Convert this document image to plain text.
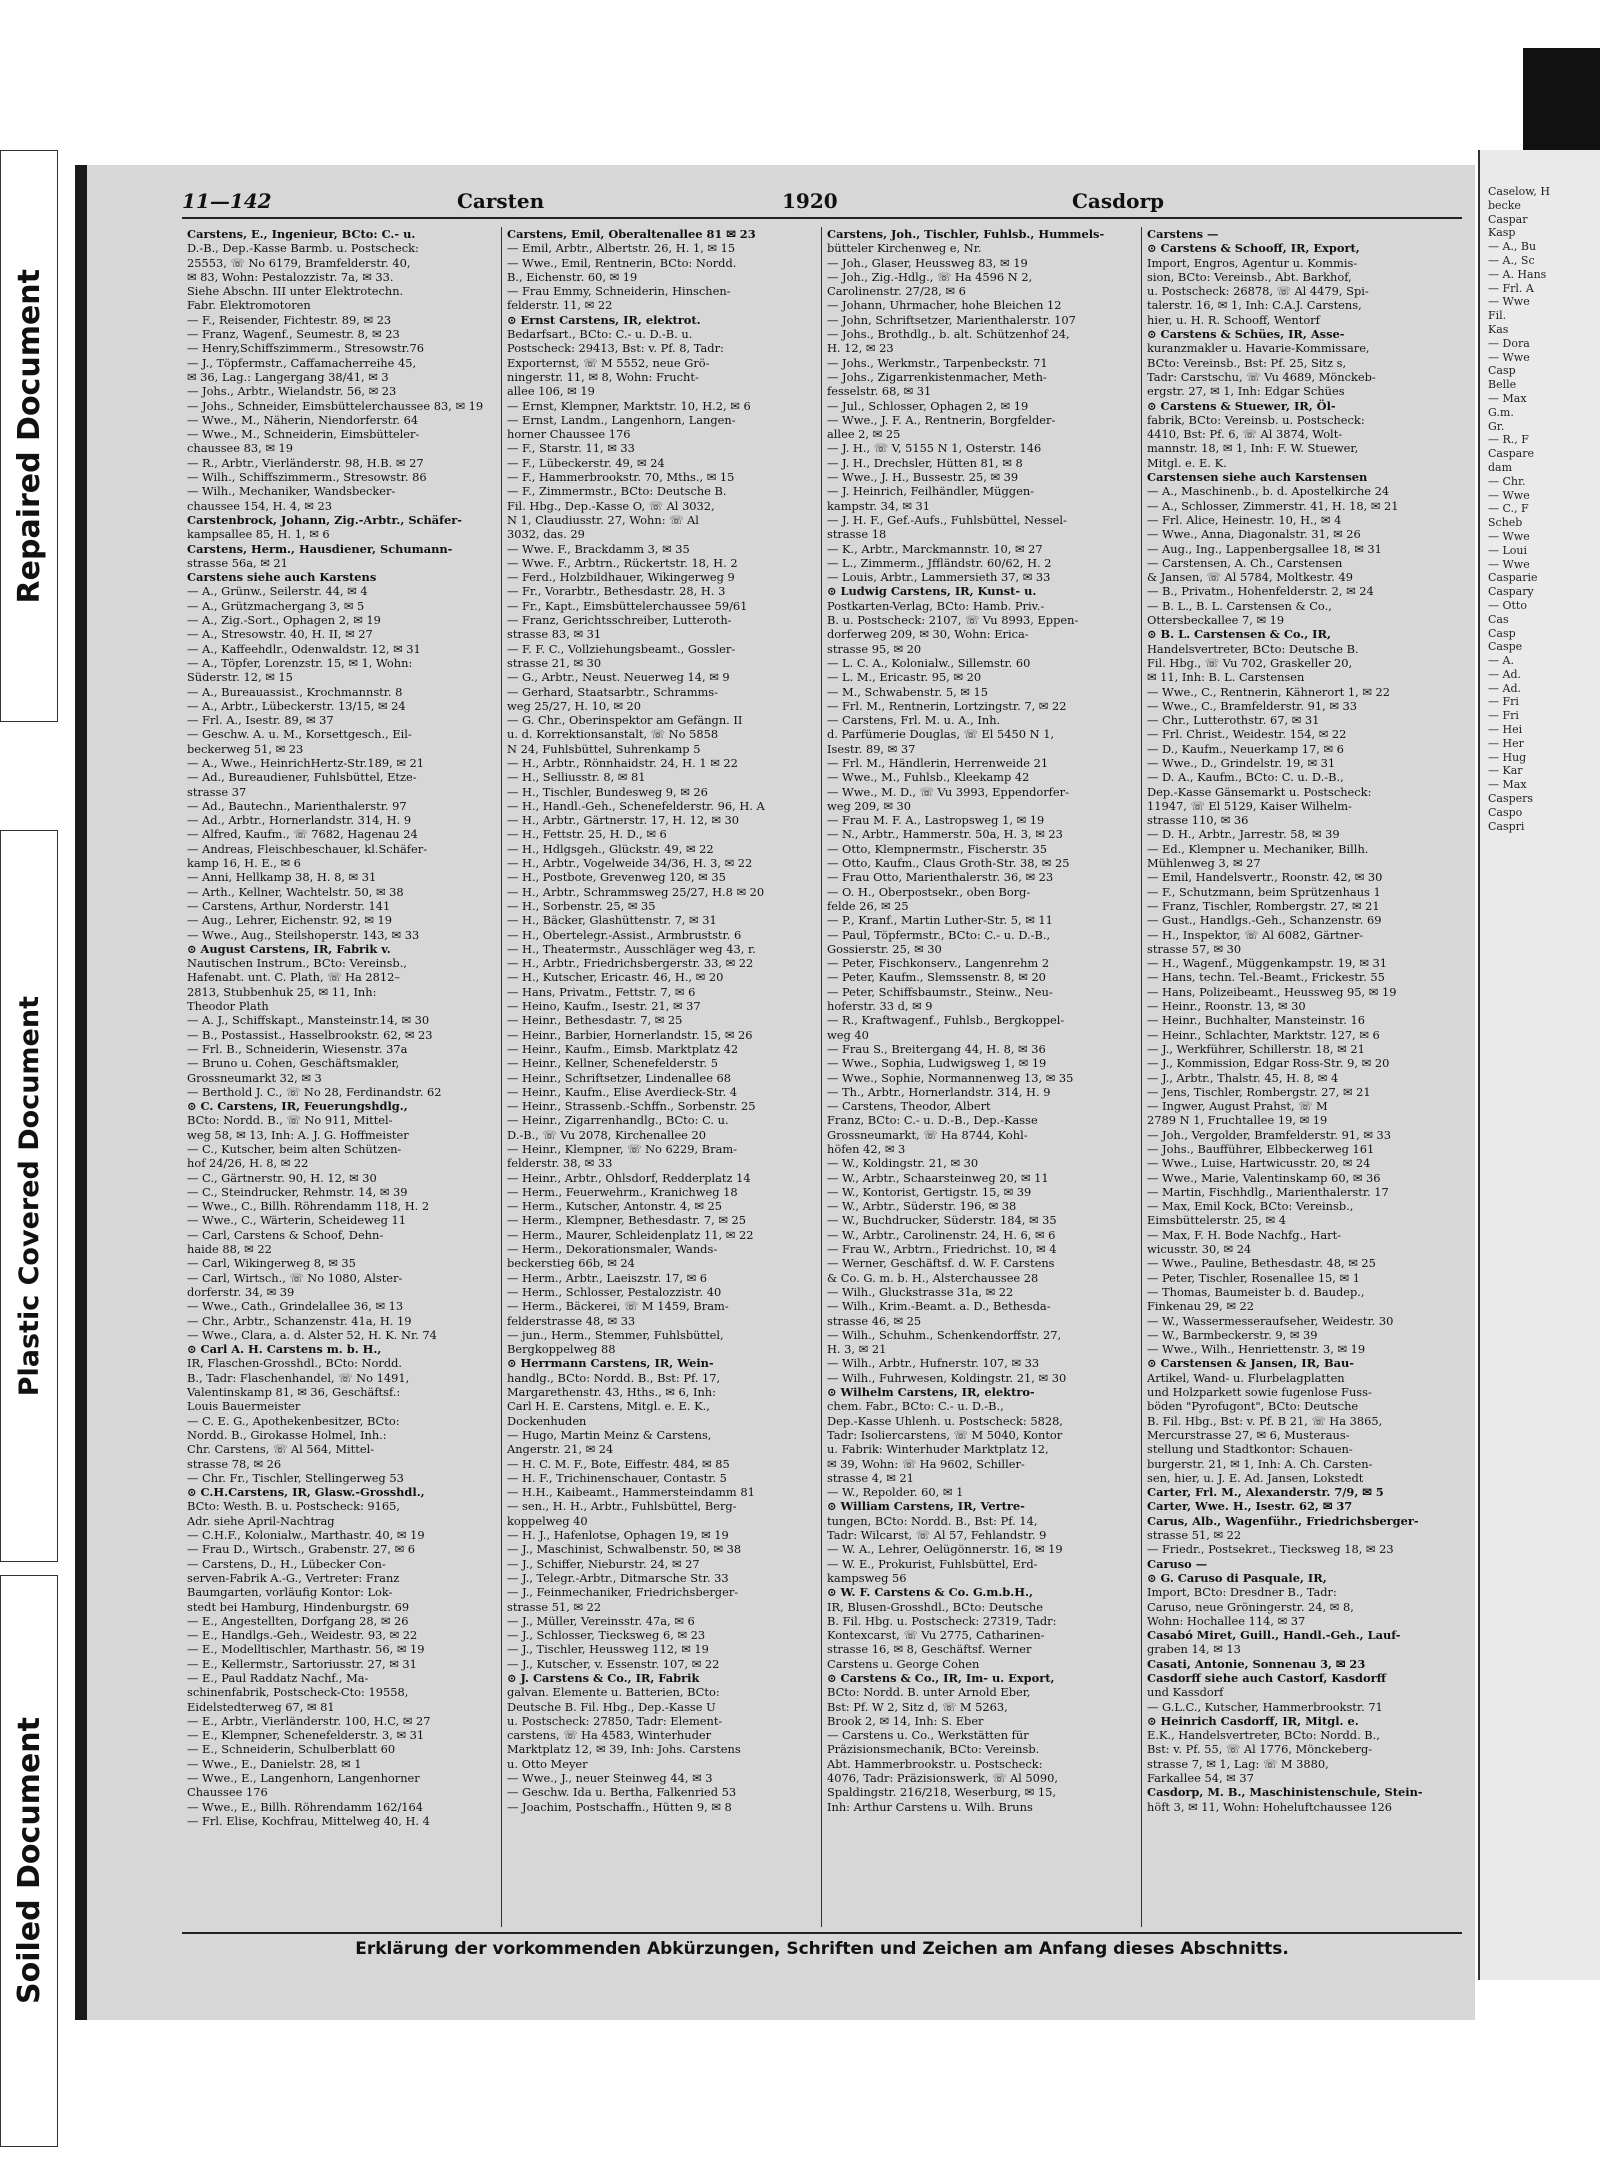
Repaired Document
Plastic Covered Document
Soiled Document
11—142	Carsten	1920	Casdorp
Carstens, E., Ingenieur, BCto: C.- u.
D.-B., Dep.-Kasse Barmb. u. Postscheck:
25553, ☏ No 6179, Bramfelderstr. 40,
✉ 83, Wohn: Pestalozzistr. 7a, ✉ 33.
Siehe Abschn. III unter Elektrotechn.
Fabr. Elektromotoren
— F., Reisender, Fichtestr. 89, ✉ 23
— Franz, Wagenf., Seumestr. 8, ✉ 23
— Henry,Schiffszimmerm., Stresowstr.76
— J., Töpfermstr., Caffamacherreihe 45,
✉ 36, Lag.: Langergang 38/41, ✉ 3
— Johs., Arbtr., Wielandstr. 56, ✉ 23
— Johs., Schneider, Eimsbüttelerchaussee 83, ✉ 19
— Wwe., M., Näherin, Niendorferstr. 64
— Wwe., M., Schneiderin, Eimsbütteler-
chaussee 83, ✉ 19
— R., Arbtr., Vierländerstr. 98, H.B. ✉ 27
— Wilh., Schiffszimmerm., Stresowstr. 86
— Wilh., Mechaniker, Wandsbecker-
chaussee 154, H. 4, ✉ 23
Carstenbrock, Johann, Zig.-Arbtr., Schäfer-
kampsallee 85, H. 1, ✉ 6
Carstens, Herm., Hausdiener, Schumann-
strasse 56a, ✉ 21
Carstens siehe auch Karstens
— A., Grünw., Seilerstr. 44, ✉ 4
— A., Grützmachergang 3, ✉ 5
— A., Zig.-Sort., Ophagen 2, ✉ 19
— A., Stresowstr. 40, H. II, ✉ 27
— A., Kaffeehdlr., Odenwaldstr. 12, ✉ 31
— A., Töpfer, Lorenzstr. 15, ✉ 1, Wohn:
Süderstr. 12, ✉ 15
— A., Bureauassist., Krochmannstr. 8
— A., Arbtr., Lübeckerstr. 13/15, ✉ 24
— Frl. A., Isestr. 89, ✉ 37
— Geschw. A. u. M., Korsettgesch., Eil-
beckerweg 51, ✉ 23
— A., Wwe., HeinrichHertz-Str.189, ✉ 21
— Ad., Bureaudiener, Fuhlsbüttel, Etze-
strasse 37
— Ad., Bautechn., Marienthalerstr. 97
— Ad., Arbtr., Hornerlandstr. 314, H. 9
— Alfred, Kaufm., ☏ 7682, Hagenau 24
— Andreas, Fleischbeschauer, kl.Schäfer-
kamp 16, H. E., ✉ 6
— Anni, Hellkamp 38, H. 8, ✉ 31
— Arth., Kellner, Wachtelstr. 50, ✉ 38
— Carstens, Arthur, Norderstr. 141
— Aug., Lehrer, Eichenstr. 92, ✉ 19
— Wwe., Aug., Steilshoperstr. 143, ✉ 33
⊙ August Carstens, IR, Fabrik v.
Nautischen Instrum., BCto: Vereinsb.,
Hafenabt. unt. C. Plath, ☏ Ha 2812–
2813, Stubbenhuk 25, ✉ 11, Inh:
Theodor Plath
— A. J., Schiffskapt., Mansteinstr.14, ✉ 30
— B., Postassist., Hasselbrookstr. 62, ✉ 23
— Frl. B., Schneiderin, Wiesenstr. 37a
— Bruno u. Cohen, Geschäftsmakler,
Grossneumarkt 32, ✉ 3
— Berthold J. C., ☏ No 28, Ferdinandstr. 62
⊙ C. Carstens, IR, Feuerungshdlg.,
BCto: Nordd. B., ☏ No 911, Mittel-
weg 58, ✉ 13, Inh: A. J. G. Hoffmeister
— C., Kutscher, beim alten Schützen-
hof 24/26, H. 8, ✉ 22
— C., Gärtnerstr. 90, H. 12, ✉ 30
— C., Steindrucker, Rehmstr. 14, ✉ 39
— Wwe., C., Billh. Röhrendamm 118, H. 2
— Wwe., C., Wärterin, Scheideweg 11
— Carl, Carstens & Schoof, Dehn-
haide 88, ✉ 22
— Carl, Wikingerweg 8, ✉ 35
— Carl, Wirtsch., ☏ No 1080, Alster-
dorferstr. 34, ✉ 39
— Wwe., Cath., Grindelallee 36, ✉ 13
— Chr., Arbtr., Schanzenstr. 41a, H. 19
— Wwe., Clara, a. d. Alster 52, H. K. Nr. 74
⊙ Carl A. H. Carstens m. b. H.,
IR, Flaschen-Grosshdl., BCto: Nordd.
B., Tadr: Flaschenhandel, ☏ No 1491,
Valentinskamp 81, ✉ 36, Geschäftsf.:
Louis Bauermeister
— C. E. G., Apothekenbesitzer, BCto:
Nordd. B., Girokasse Holmel, Inh.:
Chr. Carstens, ☏ Al 564, Mittel-
strasse 78, ✉ 26
— Chr. Fr., Tischler, Stellingerweg 53
⊙ C.H.Carstens, IR, Glasw.-Grosshdl.,
BCto: Westh. B. u. Postscheck: 9165,
Adr. siehe April-Nachtrag
— C.H.F., Kolonialw., Marthastr. 40, ✉ 19
— Frau D., Wirtsch., Grabenstr. 27, ✉ 6
— Carstens, D., H., Lübecker Con-
serven-Fabrik A.-G., Vertreter: Franz
Baumgarten, vorläufig Kontor: Lok-
stedt bei Hamburg, Hindenburgstr. 69
— E., Angestellten, Dorfgang 28, ✉ 26
— E., Handlgs.-Geh., Weidestr. 93, ✉ 22
— E., Modelltischler, Marthastr. 56, ✉ 19
— E., Kellermstr., Sartoriusstr. 27, ✉ 31
— E., Paul Raddatz Nachf., Ma-
schinenfabrik, Postscheck-Cto: 19558,
Eidelstedterweg 67, ✉ 81
— E., Arbtr., Vierländerstr. 100, H.C, ✉ 27
— E., Klempner, Schenefelderstr. 3, ✉ 31
— E., Schneiderin, Schulberblatt 60
— Wwe., E., Danielstr. 28, ✉ 1
— Wwe., E., Langenhorn, Langenhorner
Chaussee 176
— Wwe., E., Billh. Röhrendamm 162/164
— Frl. Elise, Kochfrau, Mittelweg 40, H. 4
Carstens, Emil, Oberaltenallee 81 ✉ 23
— Emil, Arbtr., Albertstr. 26, H. 1, ✉ 15
— Wwe., Emil, Rentnerin, BCto: Nordd.
B., Eichenstr. 60, ✉ 19
— Frau Emmy, Schneiderin, Hinschen-
felderstr. 11, ✉ 22
⊙ Ernst Carstens, IR, elektrot.
Bedarfsart., BCto: C.- u. D.-B. u.
Postscheck: 29413, Bst: v. Pf. 8, Tadr:
Exporternst, ☏ M 5552, neue Grö-
ningerstr. 11, ✉ 8, Wohn: Frucht-
allee 106, ✉ 19
— Ernst, Klempner, Marktstr. 10, H.2, ✉ 6
— Ernst, Landm., Langenhorn, Langen-
horner Chaussee 176
— F., Starstr. 11, ✉ 33
— F., Lübeckerstr. 49, ✉ 24
— F., Hammerbrookstr. 70, Mths., ✉ 15
— F., Zimmermstr., BCto: Deutsche B.
Fil. Hbg., Dep.-Kasse O, ☏ Al 3032,
N 1, Claudiusstr. 27, Wohn: ☏ Al
3032, das. 29
— Wwe. F., Brackdamm 3, ✉ 35
— Wwe. F., Arbtrn., Rückertstr. 18, H. 2
— Ferd., Holzbildhauer, Wikingerweg 9
— Fr., Vorarbtr., Bethesdastr. 28, H. 3
— Fr., Kapt., Eimsbüttelerchaussee 59/61
— Franz, Gerichtsschreiber, Lutteroth-
strasse 83, ✉ 31
— F. F. C., Vollziehungsbeamt., Gossler-
strasse 21, ✉ 30
— G., Arbtr., Neust. Neuerweg 14, ✉ 9
— Gerhard, Staatsarbtr., Schramms-
weg 25/27, H. 10, ✉ 20
— G. Chr., Oberinspektor am Gefängn. II
u. d. Korrektionsanstalt, ☏ No 5858
N 24, Fuhlsbüttel, Suhrenkamp 5
— H., Arbtr., Rönnhaidstr. 24, H. 1 ✉ 22
— H., Selliusstr. 8, ✉ 81
— H., Tischler, Bundesweg 9, ✉ 26
— H., Handl.-Geh., Schenefelderstr. 96, H. A
— H., Arbtr., Gärtnerstr. 17, H. 12, ✉ 30
— H., Fettstr. 25, H. D., ✉ 6
— H., Hdlgsgeh., Glückstr. 49, ✉ 22
— H., Arbtr., Vogelweide 34/36, H. 3, ✉ 22
— H., Postbote, Grevenweg 120, ✉ 35
— H., Arbtr., Schrammsweg 25/27, H.8 ✉ 20
— H., Sorbenstr. 25, ✉ 35
— H., Bäcker, Glashüttenstr. 7, ✉ 31
— H., Obertelegr.-Assist., Armbruststr. 6
— H., Theatermstr., Ausschläger weg 43, r.
— H., Arbtr., Friedrichsbergerstr. 33, ✉ 22
— H., Kutscher, Ericastr. 46, H., ✉ 20
— Hans, Privatm., Fettstr. 7, ✉ 6
— Heino, Kaufm., Isestr. 21, ✉ 37
— Heinr., Bethesdastr. 7, ✉ 25
— Heinr., Barbier, Hornerlandstr. 15, ✉ 26
— Heinr., Kaufm., Eimsb. Marktplatz 42
— Heinr., Kellner, Schenefelderstr. 5
— Heinr., Schriftsetzer, Lindenallee 68
— Heinr., Kaufm., Elise Averdieck-Str. 4
— Heinr., Strassenb.-Schffn., Sorbenstr. 25
— Heinr., Zigarrenhandlg., BCto: C. u.
D.-B., ☏ Vu 2078, Kirchenallee 20
— Heinr., Klempner, ☏ No 6229, Bram-
felderstr. 38, ✉ 33
— Heinr., Arbtr., Ohlsdorf, Redderplatz 14
— Herm., Feuerwehrm., Kranichweg 18
— Herm., Kutscher, Antonstr. 4, ✉ 25
— Herm., Klempner, Bethesdastr. 7, ✉ 25
— Herm., Maurer, Schleidenplatz 11, ✉ 22
— Herm., Dekorationsmaler, Wands-
beckerstieg 66b, ✉ 24
— Herm., Arbtr., Laeiszstr. 17, ✉ 6
— Herm., Schlosser, Pestalozzistr. 40
— Herm., Bäckerei, ☏ M 1459, Bram-
felderstrasse 48, ✉ 33
— jun., Herm., Stemmer, Fuhlsbüttel,
Bergkoppelweg 88
⊙ Herrmann Carstens, IR, Wein-
handlg., BCto: Nordd. B., Bst: Pf. 17,
Margarethenstr. 43, Hths., ✉ 6, Inh:
Carl H. E. Carstens, Mitgl. e. E. K.,
Dockenhuden
— Hugo, Martin Meinz & Carstens,
Angerstr. 21, ✉ 24
— H. C. M. F., Bote, Eiffestr. 484, ✉ 85
— H. F., Trichinenschauer, Contastr. 5
— H.H., Kaibeamt., Hammersteindamm 81
— sen., H. H., Arbtr., Fuhlsbüttel, Berg-
koppelweg 40
— H. J., Hafenlotse, Ophagen 19, ✉ 19
— J., Maschinist, Schwalbenstr. 50, ✉ 38
— J., Schiffer, Nieburstr. 24, ✉ 27
— J., Telegr.-Arbtr., Ditmarsche Str. 33
— J., Feinmechaniker, Friedrichsberger-
strasse 51, ✉ 22
— J., Müller, Vereinsstr. 47a, ✉ 6
— J., Schlosser, Tiecksweg 6, ✉ 23
— J., Tischler, Heussweg 112, ✉ 19
— J., Kutscher, v. Essenstr. 107, ✉ 22
⊙ J. Carstens & Co., IR, Fabrik
galvan. Elemente u. Batterien, BCto:
Deutsche B. Fil. Hbg., Dep.-Kasse U
u. Postscheck: 27850, Tadr: Element-
carstens, ☏ Ha 4583, Winterhuder
Marktplatz 12, ✉ 39, Inh: Johs. Carstens
u. Otto Meyer
— Wwe., J., neuer Steinweg 44, ✉ 3
— Geschw. Ida u. Bertha, Falkenried 53
— Joachim, Postschaffn., Hütten 9, ✉ 8
Carstens, Joh., Tischler, Fuhlsb., Hummels-
bütteler Kirchenweg e, Nr.
— Joh., Glaser, Heussweg 83, ✉ 19
— Joh., Zig.-Hdlg., ☏ Ha 4596 N 2,
Carolinenstr. 27/28, ✉ 6
— Johann, Uhrmacher, hohe Bleichen 12
— John, Schriftsetzer, Marienthalerstr. 107
— Johs., Brothdlg., b. alt. Schützenhof 24,
H. 12, ✉ 23
— Johs., Werkmstr., Tarpenbeckstr. 71
— Johs., Zigarrenkistenmacher, Meth-
fesselstr. 68, ✉ 31
— Jul., Schlosser, Ophagen 2, ✉ 19
— Wwe., J. F. A., Rentnerin, Borgfelder-
allee 2, ✉ 25
— J. H., ☏ V, 5155 N 1, Osterstr. 146
— J. H., Drechsler, Hütten 81, ✉ 8
— Wwe., J. H., Bussestr. 25, ✉ 39
— J. Heinrich, Feilhändler, Müggen-
kampstr. 34, ✉ 31
— J. H. F., Gef.-Aufs., Fuhlsbüttel, Nessel-
strasse 18
— K., Arbtr., Marckmannstr. 10, ✉ 27
— L., Zimmerm., Jffländstr. 60/62, H. 2
— Louis, Arbtr., Lammersieth 37, ✉ 33
⊙ Ludwig Carstens, IR, Kunst- u.
Postkarten-Verlag, BCto: Hamb. Priv.-
B. u. Postscheck: 2107, ☏ Vu 8993, Eppen-
dorferweg 209, ✉ 30, Wohn: Erica-
strasse 95, ✉ 20
— L. C. A., Kolonialw., Sillemstr. 60
— L. M., Ericastr. 95, ✉ 20
— M., Schwabenstr. 5, ✉ 15
— Frl. M., Rentnerin, Lortzingstr. 7, ✉ 22
— Carstens, Frl. M. u. A., Inh.
d. Parfümerie Douglas, ☏ El 5450 N 1,
Isestr. 89, ✉ 37
— Frl. M., Händlerin, Herrenweide 21
— Wwe., M., Fuhlsb., Kleekamp 42
— Wwe., M. D., ☏ Vu 3993, Eppendorfer-
weg 209, ✉ 30
— Frau M. F. A., Lastropsweg 1, ✉ 19
— N., Arbtr., Hammerstr. 50a, H. 3, ✉ 23
— Otto, Klempnermstr., Fischerstr. 35
— Otto, Kaufm., Claus Groth-Str. 38, ✉ 25
— Frau Otto, Marienthalerstr. 36, ✉ 23
— O. H., Oberpostsekr., oben Borg-
felde 26, ✉ 25
— P., Kranf., Martin Luther-Str. 5, ✉ 11
— Paul, Töpfermstr., BCto: C.- u. D.-B.,
Gossierstr. 25, ✉ 30
— Peter, Fischkonserv., Langenrehm 2
— Peter, Kaufm., Slemssenstr. 8, ✉ 20
— Peter, Schiffsbaumstr., Steinw., Neu-
hoferstr. 33 d, ✉ 9
— R., Kraftwagenf., Fuhlsb., Bergkoppel-
weg 40
— Frau S., Breitergang 44, H. 8, ✉ 36
— Wwe., Sophia, Ludwigsweg 1, ✉ 19
— Wwe., Sophie, Normannenweg 13, ✉ 35
— Th., Arbtr., Hornerlandstr. 314, H. 9
— Carstens, Theodor, Albert
Franz, BCto: C.- u. D.-B., Dep.-Kasse
Grossneumarkt, ☏ Ha 8744, Kohl-
höfen 42, ✉ 3
— W., Koldingstr. 21, ✉ 30
— W., Arbtr., Schaarsteinweg 20, ✉ 11
— W., Kontorist, Gertigstr. 15, ✉ 39
— W., Arbtr., Süderstr. 196, ✉ 38
— W., Buchdrucker, Süderstr. 184, ✉ 35
— W., Arbtr., Carolinenstr. 24, H. 6, ✉ 6
— Frau W., Arbtrn., Friedrichst. 10, ✉ 4
— Werner, Geschäftsf. d. W. F. Carstens
& Co. G. m. b. H., Alsterchaussee 28
— Wilh., Gluckstrasse 31a, ✉ 22
— Wilh., Krim.-Beamt. a. D., Bethesda-
strasse 46, ✉ 25
— Wilh., Schuhm., Schenkendorffstr. 27,
H. 3, ✉ 21
— Wilh., Arbtr., Hufnerstr. 107, ✉ 33
— Wilh., Fuhrwesen, Koldingstr. 21, ✉ 30
⊙ Wilhelm Carstens, IR, elektro-
chem. Fabr., BCto: C.- u. D.-B.,
Dep.-Kasse Uhlenh. u. Postscheck: 5828,
Tadr: Isoliercarstens, ☏ M 5040, Kontor
u. Fabrik: Winterhuder Marktplatz 12,
✉ 39, Wohn: ☏ Ha 9602, Schiller-
strasse 4, ✉ 21
— W., Repolder. 60, ✉ 1
⊙ William Carstens, IR, Vertre-
tungen, BCto: Nordd. B., Bst: Pf. 14,
Tadr: Wilcarst, ☏ Al 57, Fehlandstr. 9
— W. A., Lehrer, Oelügönnerstr. 16, ✉ 19
— W. E., Prokurist, Fuhlsbüttel, Erd-
kampsweg 56
⊙ W. F. Carstens & Co. G.m.b.H.,
IR, Blusen-Grosshdl., BCto: Deutsche
B. Fil. Hbg. u. Postscheck: 27319, Tadr:
Kontexcarst, ☏ Vu 2775, Catharinen-
strasse 16, ✉ 8, Geschäftsf. Werner
Carstens u. George Cohen
⊙ Carstens & Co., IR, Im- u. Export,
BCto: Nordd. B. unter Arnold Eber,
Bst: Pf. W 2, Sitz d, ☏ M 5263,
Brook 2, ✉ 14, Inh: S. Eber
— Carstens u. Co., Werkstätten für
Präzisionsmechanik, BCto: Vereinsb.
Abt. Hammerbrookstr. u. Postscheck:
4076, Tadr: Präzisionswerk, ☏ Al 5090,
Spaldingstr. 216/218, Weserburg, ✉ 15,
Inh: Arthur Carstens u. Wilh. Bruns
Carstens —
⊙ Carstens & Schooff, IR, Export,
Import, Engros, Agentur u. Kommis-
sion, BCto: Vereinsb., Abt. Barkhof,
u. Postscheck: 26878, ☏ Al 4479, Spi-
talerstr. 16, ✉ 1, Inh: C.A.J. Carstens,
hier, u. H. R. Schooff, Wentorf
⊙ Carstens & Schües, IR, Asse-
kuranzmakler u. Havarie-Kommissare,
BCto: Vereinsb., Bst: Pf. 25, Sitz s,
Tadr: Carstschu, ☏ Vu 4689, Mönckeb-
ergstr. 27, ✉ 1, Inh: Edgar Schües
⊙ Carstens & Stuewer, IR, Öl-
fabrik, BCto: Vereinsb. u. Postscheck:
4410, Bst: Pf. 6, ☏ Al 3874, Wolt-
mannstr. 18, ✉ 1, Inh: F. W. Stuewer,
Mitgl. e. E. K.
Carstensen siehe auch Karstensen
— A., Maschinenb., b. d. Apostelkirche 24
— A., Schlosser, Zimmerstr. 41, H. 18, ✉ 21
— Frl. Alice, Heinestr. 10, H., ✉ 4
— Wwe., Anna, Diagonalstr. 31, ✉ 26
— Aug., Ing., Lappenbergsallee 18, ✉ 31
— Carstensen, A. Ch., Carstensen
& Jansen, ☏ Al 5784, Moltkestr. 49
— B., Privatm., Hohenfelderstr. 2, ✉ 24
— B. L., B. L. Carstensen & Co.,
Ottersbeckallee 7, ✉ 19
⊙ B. L. Carstensen & Co., IR,
Handelsvertreter, BCto: Deutsche B.
Fil. Hbg., ☏ Vu 702, Graskeller 20,
✉ 11, Inh: B. L. Carstensen
— Wwe., C., Rentnerin, Kähnerort 1, ✉ 22
— Wwe., C., Bramfelderstr. 91, ✉ 33
— Chr., Lutterothstr. 67, ✉ 31
— Frl. Christ., Weidestr. 154, ✉ 22
— D., Kaufm., Neuerkamp 17, ✉ 6
— Wwe., D., Grindelstr. 19, ✉ 31
— D. A., Kaufm., BCto: C. u. D.-B.,
Dep.-Kasse Gänsemarkt u. Postscheck:
11947, ☏ El 5129, Kaiser Wilhelm-
strasse 110, ✉ 36
— D. H., Arbtr., Jarrestr. 58, ✉ 39
— Ed., Klempner u. Mechaniker, Billh.
Mühlenweg 3, ✉ 27
— Emil, Handelsvertr., Roonstr. 42, ✉ 30
— F., Schutzmann, beim Sprützenhaus 1
— Franz, Tischler, Rombergstr. 27, ✉ 21
— Gust., Handlgs.-Geh., Schanzenstr. 69
— H., Inspektor, ☏ Al 6082, Gärtner-
strasse 57, ✉ 30
— H., Wagenf., Müggenkampstr. 19, ✉ 31
— Hans, techn. Tel.-Beamt., Frickestr. 55
— Hans, Polizeibeamt., Heussweg 95, ✉ 19
— Heinr., Roonstr. 13, ✉ 30
— Heinr., Buchhalter, Mansteinstr. 16
— Heinr., Schlachter, Marktstr. 127, ✉ 6
— J., Werkführer, Schillerstr. 18, ✉ 21
— J., Kommission, Edgar Ross-Str. 9, ✉ 20
— J., Arbtr., Thalstr. 45, H. 8, ✉ 4
— Jens, Tischler, Rombergstr. 27, ✉ 21
— Ingwer, August Prahst, ☏ M
2789 N 1, Fruchtallee 19, ✉ 19
— Joh., Vergolder, Bramfelderstr. 91, ✉ 33
— Johs., Baufführer, Elbbeckerweg 161
— Wwe., Luise, Hartwicusstr. 20, ✉ 24
— Wwe., Marie, Valentinskamp 60, ✉ 36
— Martin, Fischhdlg., Marienthalerstr. 17
— Max, Emil Kock, BCto: Vereinsb.,
Eimsbüttelerstr. 25, ✉ 4
— Max, F. H. Bode Nachfg., Hart-
wicusstr. 30, ✉ 24
— Wwe., Pauline, Bethesdastr. 48, ✉ 25
— Peter, Tischler, Rosenallee 15, ✉ 1
— Thomas, Baumeister b. d. Baudep.,
Finkenau 29, ✉ 22
— W., Wassermesseraufseher, Weidestr. 30
— W., Barmbeckerstr. 9, ✉ 39
— Wwe., Wilh., Henriettenstr. 3, ✉ 19
⊙ Carstensen & Jansen, IR, Bau-
Artikel, Wand- u. Flurbelagplatten
und Holzparkett sowie fugenlose Fuss-
böden "Pyrofugont", BCto: Deutsche
B. Fil. Hbg., Bst: v. Pf. B 21, ☏ Ha 3865,
Mercurstrasse 27, ✉ 6, Musteraus-
stellung und Stadtkontor: Schauen-
burgerstr. 21, ✉ 1, Inh: A. Ch. Carsten-
sen, hier, u. J. E. Ad. Jansen, Lokstedt
Carter, Frl. M., Alexanderstr. 7/9, ✉ 5
Carter, Wwe. H., Isestr. 62, ✉ 37
Carus, Alb., Wagenführ., Friedrichsberger-
strasse 51, ✉ 22
— Friedr., Postsekret., Tiecksweg 18, ✉ 23
Caruso —
⊙ G. Caruso di Pasquale, IR,
Import, BCto: Dresdner B., Tadr:
Caruso, neue Gröningerstr. 24, ✉ 8,
Wohn: Hochallee 114, ✉ 37
Casabó Miret, Guill., Handl.-Geh., Lauf-
graben 14, ✉ 13
Casati, Antonie, Sonnenau 3, ✉ 23
Casdorff siehe auch Castorf, Kasdorff
und Kassdorf
— G.L.C., Kutscher, Hammerbrookstr. 71
⊙ Heinrich Casdorff, IR, Mitgl. e.
E.K., Handelsvertreter, BCto: Nordd. B.,
Bst: v. Pf. 55, ☏ Al 1776, Mönckeberg-
strasse 7, ✉ 1, Lag: ☏ M 3880,
Farkallee 54, ✉ 37
Casdorp, M. B., Maschinistenschule, Stein-
höft 3, ✉ 11, Wohn: Hoheluftchaussee 126
Erklärung der vorkommenden Abkürzungen, Schriften und Zeichen am Anfang dieses Abschnitts.
Caselow, H
becke
Caspar
Kasp
— A., Bu
— A., Sc
— A. Hans
— Frl. A
— Wwe
Fil.
Kas
— Dora
— Wwe
Casp
Belle
— Max
G.m.
Gr.
— R., F
Caspare
dam
— Chr.
— Wwe
— C., F
Scheb
— Wwe
— Loui
— Wwe
Casparie
Caspary
— Otto
Cas
Casp
Caspe
— A.
— Ad.
— Ad.
— Fri
— Fri
— Hei
— Her
— Hug
— Kar
— Max
Caspers
Caspo
Caspri
